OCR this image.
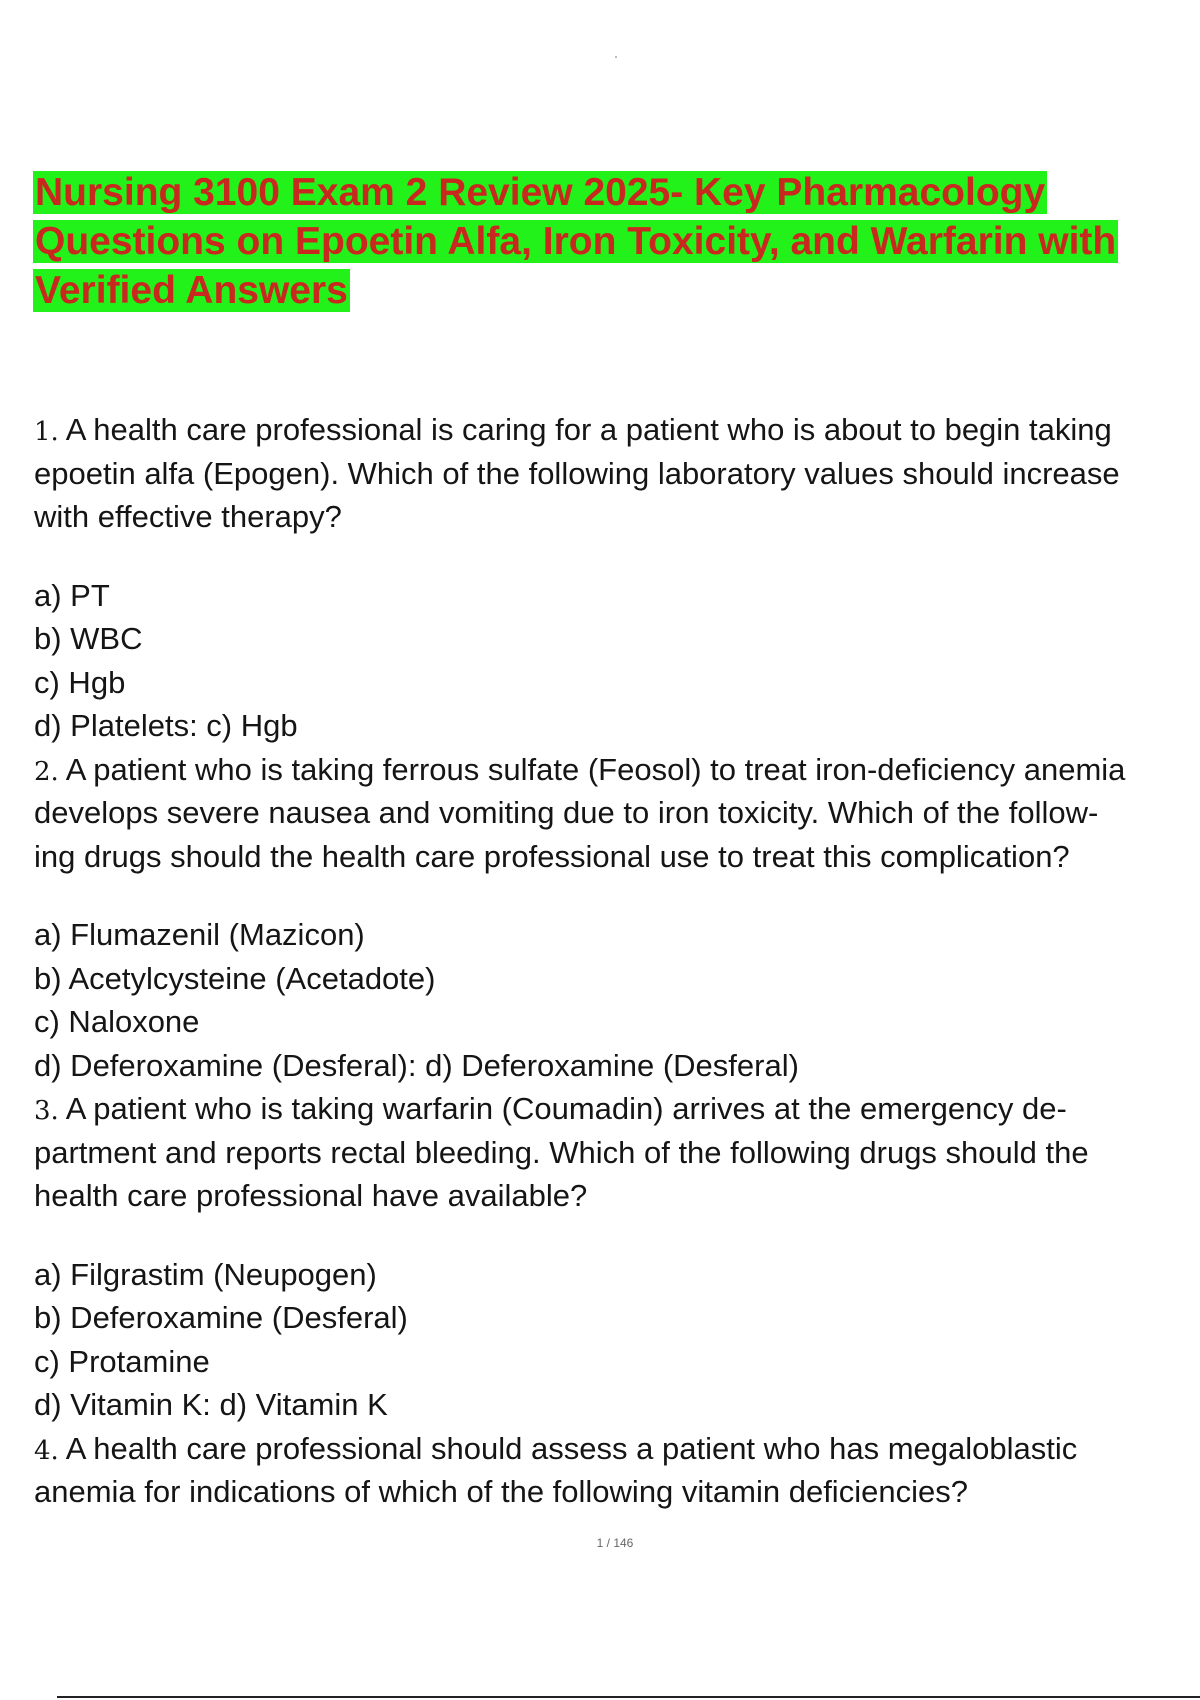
Nursing 3100 Exam 2 Review 2025- Key Pharmacology
Questions on Epoetin Alfa, Iron Toxicity, and Warfarin with
Verified Answers
1. A health care professional is caring for a patient who is about to begin taking
epoetin alfa (Epogen). Which of the following laboratory values should increase
with effective therapy?
a) PT
b) WBC
c) Hgb
d) Platelets: c) Hgb
2. A patient who is taking ferrous sulfate (Feosol) to treat iron-deficiency anemia
develops severe nausea and vomiting due to iron toxicity. Which of the follow-
ing drugs should the health care professional use to treat this complication?
a) Flumazenil (Mazicon)
b) Acetylcysteine (Acetadote)
c) Naloxone
d) Deferoxamine (Desferal): d) Deferoxamine (Desferal)
3. A patient who is taking warfarin (Coumadin) arrives at the emergency de-
partment and reports rectal bleeding. Which of the following drugs should the
health care professional have available?
a) Filgrastim (Neupogen)
b) Deferoxamine (Desferal)
c) Protamine
d) Vitamin K: d) Vitamin K
4. A health care professional should assess a patient who has megaloblastic
anemia for indications of which of the following vitamin deficiencies?
1 / 146
